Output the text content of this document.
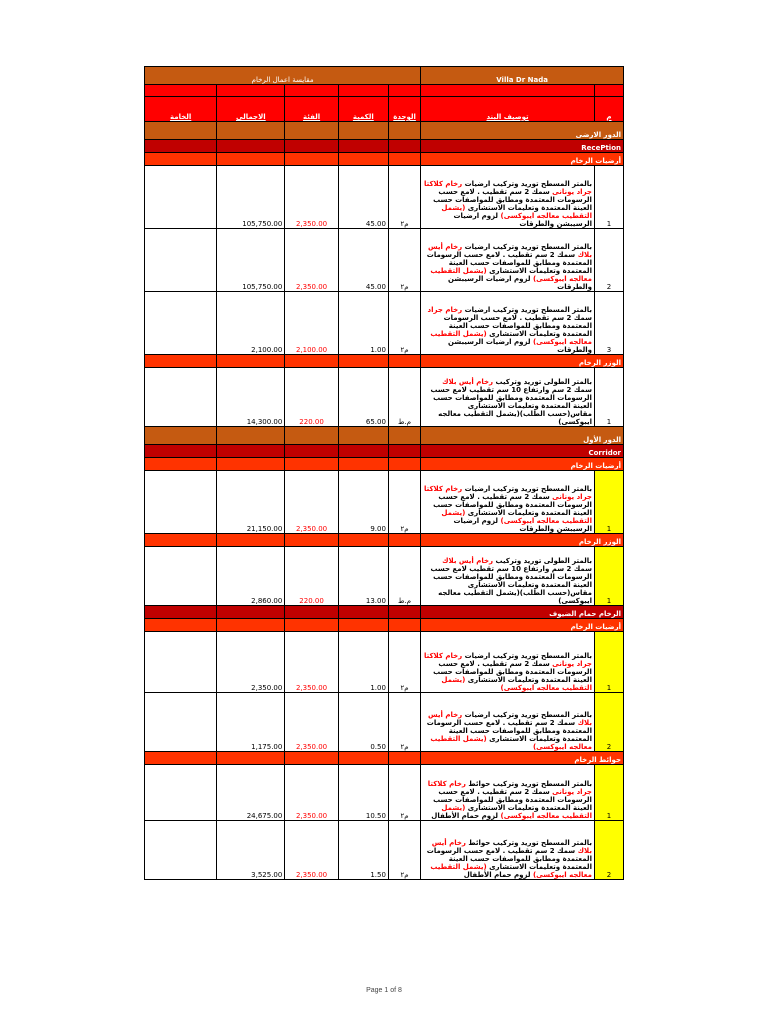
مقايسة اعمال الرخام					Villa Dr Nada	

الخامة	الاجمالى	الفئة	الكمية	الوحدة	توصيف البند	م
					الدور الارضى	
					RecePtion	
					أرضيات الرخام	
	105,750.00	2,350.00	45.00	م٢	بالمتر المسطح توريد وتركيب ارضيات رخام كلاكتا جراد يونانى سمك 2 سم تقطيب . لامع حسب الرسومات المعتمدة ومطابق للمواصفات حسب العينة المعتمدة وتعليمات الاستشارى (يشمل التقطيب معالجه ايبوكسى) لزوم ارضيات الرسيبشن والطرقات	1
	105,750.00	2,350.00	45.00	م٢	بالمتر المسطح توريد وتركيب ارضيات رخام أيس بلاك سمك 2 سم تقطيب . لامع حسب الرسومات المعتمدة ومطابق للمواصفات حسب العينة المعتمدة وتعليمات الاستشارى (يشمل التقطيب معالجه ايبوكسى) لزوم ارضيات الرسيبشن والطرقات	2
	2,100.00	2,100.00	1.00	م٢	بالمتر المسطح توريد وتركيب ارضيات رخام جراد سمك 2 سم تقطيب . لامع حسب الرسومات المعتمدة ومطابق للمواصفات حسب العينة المعتمدة وتعليمات الاستشارى (يشمل التقطيب معالجه ايبوكسى) لزوم ارضيات الرسيبشن والطرقات	3
					الوزر الرخام	
	14,300.00	220.00	65.00	م.ط	بالمتر الطولى توريد وتركيب رخام أيس بلاك سمك 2 سم وارتفاع 10 سم تقطيب لامع حسب الرسومات المعتمدة ومطابق للمواصفات حسب العينة المعتمدة وتعليمات الاستشارى مقاس(حسب الطلب)(يشمل التقطيب معالجه ايبوكسى)	1
					الدور الأول	
					Corridor	
					أرضيات الرخام	
	21,150.00	2,350.00	9.00	م٢	بالمتر المسطح توريد وتركيب ارضيات رخام كلاكتا جراد يونانى سمك 2 سم تقطيب . لامع حسب الرسومات المعتمدة ومطابق للمواصفات حسب العينة المعتمدة وتعليمات الاستشارى (يشمل التقطيب معالجه ايبوكسى) لزوم ارضيات الرسيبشن والطرقات	1
					الوزر الرخام	
	2,860.00	220.00	13.00	م.ط	بالمتر الطولى توريد وتركيب رخام أيس بلاك سمك 2 سم وارتفاع 10 سم تقطيب لامع حسب الرسومات المعتمدة ومطابق للمواصفات حسب العينة المعتمدة وتعليمات الاستشارى مقاس(حسب الطلب)(يشمل التقطيب معالجه ايبوكسى)	1
					الرخام حمام الضيوف	
					أرضيات الرخام	
	2,350.00	2,350.00	1.00	م٢	بالمتر المسطح توريد وتركيب ارضيات رخام كلاكتا جراد يونانى سمك 2 سم تقطيب . لامع حسب الرسومات المعتمدة ومطابق للمواصفات حسب العينة المعتمدة وتعليمات الاستشارى (يشمل التقطيب معالجه ايبوكسى)	1
	1,175.00	2,350.00	0.50	م٢	بالمتر المسطح توريد وتركيب ارضيات رخام أيس بلاك سمك 2 سم تقطيب . لامع حسب الرسومات المعتمدة ومطابق للمواصفات حسب العينة المعتمدة وتعليمات الاستشارى (يشمل التقطيب معالجه ايبوكسى)	2
					حوائط الرخام	
	24,675.00	2,350.00	10.50	م٢	بالمتر المسطح توريد وتركيب حوائط رخام كلاكتا جراد يونانى سمك 2 سم تقطيب . لامع حسب الرسومات المعتمدة ومطابق للمواصفات حسب العينة المعتمدة وتعليمات الاستشارى (يشمل التقطيب معالجه ايبوكسى) لزوم حمام الأطفال	1
	3,525.00	2,350.00	1.50	م٢	بالمتر المسطح توريد وتركيب حوائط رخام أيس بلاك سمك 2 سم تقطيب . لامع حسب الرسومات المعتمدة ومطابق للمواصفات حسب العينة المعتمدة وتعليمات الاستشارى (يشمل التقطيب معالجه ايبوكسى) لزوم حمام الأطفال	2
Page 1 of 8
